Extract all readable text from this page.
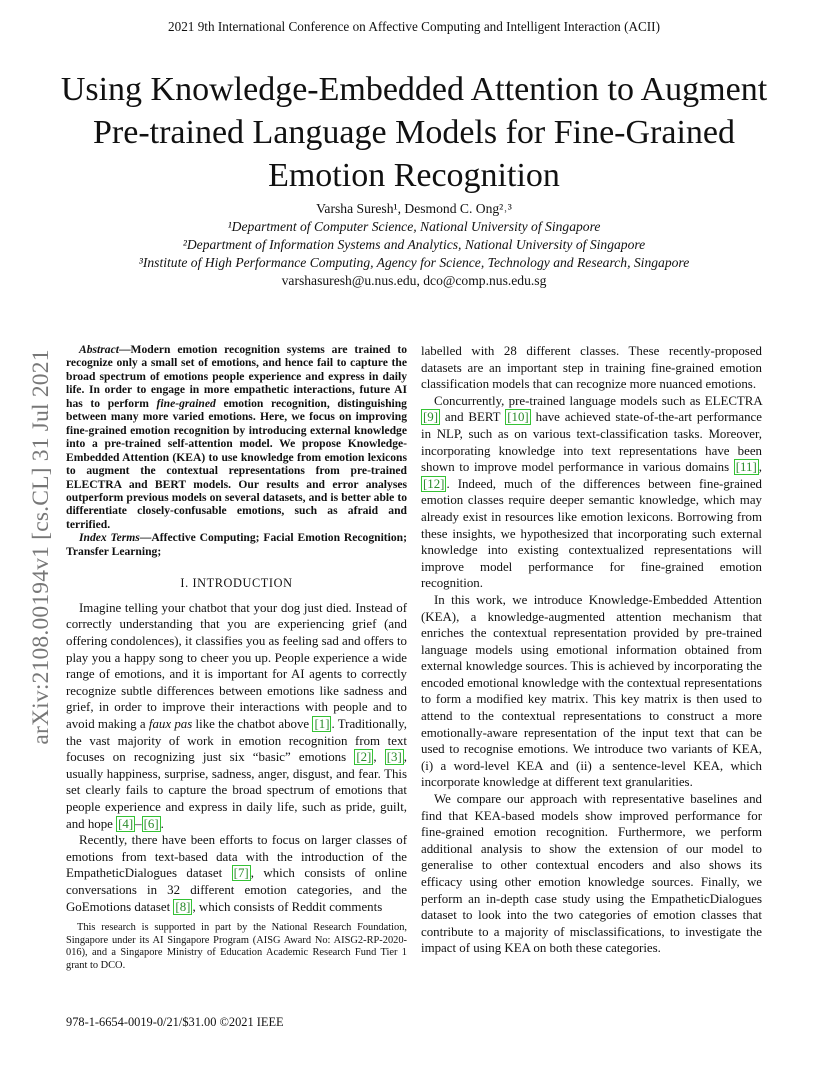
2021 9th International Conference on Affective Computing and Intelligent Interaction (ACII)
arXiv:2108.00194v1 [cs.CL] 31 Jul 2021
Using Knowledge-Embedded Attention to Augment Pre-trained Language Models for Fine-Grained Emotion Recognition
Varsha Suresh¹, Desmond C. Ong²˒³
¹Department of Computer Science, National University of Singapore
²Department of Information Systems and Analytics, National University of Singapore
³Institute of High Performance Computing, Agency for Science, Technology and Research, Singapore
varshasuresh@u.nus.edu, dco@comp.nus.edu.sg

Abstract—Modern emotion recognition systems are trained to recognize only a small set of emotions, and hence fail to capture the broad spectrum of emotions people experience and express in daily life. In order to engage in more empathetic interactions, future AI has to perform fine-grained emotion recognition, distinguishing between many more varied emotions. Here, we focus on improving fine-grained emotion recognition by introducing external knowledge into a pre-trained self-attention model. We propose Knowledge-Embedded Attention (KEA) to use knowledge from emotion lexicons to augment the contextual representations from pre-trained ELECTRA and BERT models. Our results and error analyses outperform previous models on several datasets, and is better able to differentiate closely-confusable emotions, such as afraid and terrified.

Index Terms—Affective Computing; Facial Emotion Recognition; Transfer Learning;

I. INTRODUCTION

Imagine telling your chatbot that your dog just died. Instead of correctly understanding that you are experiencing grief (and offering condolences), it classifies you as feeling sad and offers to play you a happy song to cheer you up. People experience a wide range of emotions, and it is important for AI agents to correctly recognize subtle differences between emotions like sadness and grief, in order to improve their interactions with people and to avoid making a faux pas like the chatbot above [1] . Traditionally, the vast majority of work in emotion recognition from text focuses on recognizing just six “basic” emotions [2] , [3] , usually happiness, surprise, sadness, anger, disgust, and fear. This set clearly fails to capture the broad spectrum of emotions that people experience and express in daily life, such as pride, guilt, and hope [4] – [6] .

Recently, there have been efforts to focus on larger classes of emotions from text-based data with the introduction of the EmpatheticDialogues dataset [7] , which consists of online conversations in 32 different emotion categories, and the GoEmotions dataset [8] , which consists of Reddit comments

This research is supported in part by the National Research Foundation, Singapore under its AI Singapore Program (AISG Award No: AISG2-RP-2020-016), and a Singapore Ministry of Education Academic Research Fund Tier 1 grant to DCO.

labelled with 28 different classes. These recently-proposed datasets are an important step in training fine-grained emotion classification models that can recognize more nuanced emotions.

Concurrently, pre-trained language models such as ELECTRA [9] and BERT [10] have achieved state-of-the-art performance in NLP, such as on various text-classification tasks. Moreover, incorporating knowledge into text representations have been shown to improve model performance in various domains [11] , [12] . Indeed, much of the differences between fine-grained emotion classes require deeper semantic knowledge, which may already exist in resources like emotion lexicons. Borrowing from these insights, we hypothesized that incorporating such external knowledge into existing contextualized representations will improve model performance for fine-grained emotion recognition.

In this work, we introduce Knowledge-Embedded Attention (KEA), a knowledge-augmented attention mechanism that enriches the contextual representation provided by pre-trained language models using emotional information obtained from external knowledge sources. This is achieved by incorporating the encoded emotional knowledge with the contextual representations to form a modified key matrix. This key matrix is then used to attend to the contextual representations to construct a more emotionally-aware representation of the input text that can be used to recognise emotions. We introduce two variants of KEA, (i) a word-level KEA and (ii) a sentence-level KEA, which incorporate knowledge at different text granularities.

We compare our approach with representative baselines and find that KEA-based models show improved performance for fine-grained emotion recognition. Furthermore, we perform additional analysis to show the extension of our model to generalise to other contextual encoders and also shows its efficacy using other emotion knowledge sources. Finally, we perform an in-depth case study using the EmpatheticDialogues dataset to look into the two categories of emotion classes that contribute to a majority of misclassifications, to investigate the impact of using KEA on both these categories.

978-1-6654-0019-0/21/$31.00 ©2021 IEEE
